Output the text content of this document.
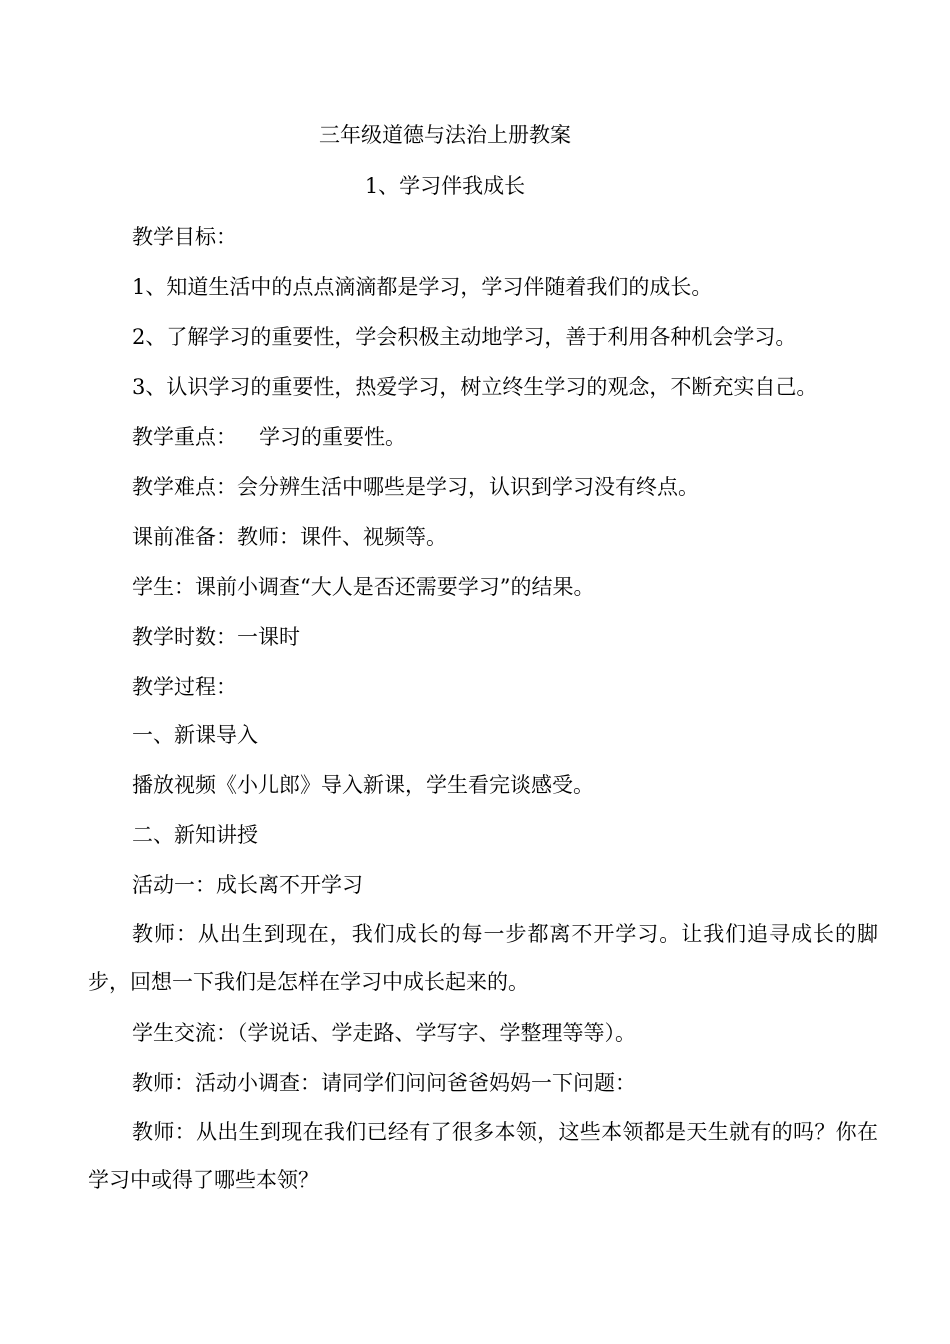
三年级道德与法治上册教案
1、学习伴我成长
教学目标：
1、知道生活中的点点滴滴都是学习，学习伴随着我们的成长。
2、了解学习的重要性，学会积极主动地学习，善于利用各种机会学习。
3、认识学习的重要性，热爱学习，树立终生学习的观念，不断充实自己。
教学重点： 学习的重要性。
教学难点：会分辨生活中哪些是学习，认识到学习没有终点。
课前准备：教师：课件、视频等。
学生：课前小调查“大人是否还需要学习”的结果。
教学时数：一课时
教学过程：
一、新课导入
播放视频《小儿郎》导入新课，学生看完谈感受。
二、新知讲授
活动一：成长离不开学习
教师：从出生到现在，我们成长的每一步都离不开学习。让我们追寻成长的脚步，回想一下我们是怎样在学习中成长起来的。
学生交流：（学说话、学走路、学写字、学整理等等）。
教师：活动小调查：请同学们问问爸爸妈妈一下问题：
教师：从出生到现在我们已经有了很多本领，这些本领都是天生就有的吗？你在学习中或得了哪些本领？
